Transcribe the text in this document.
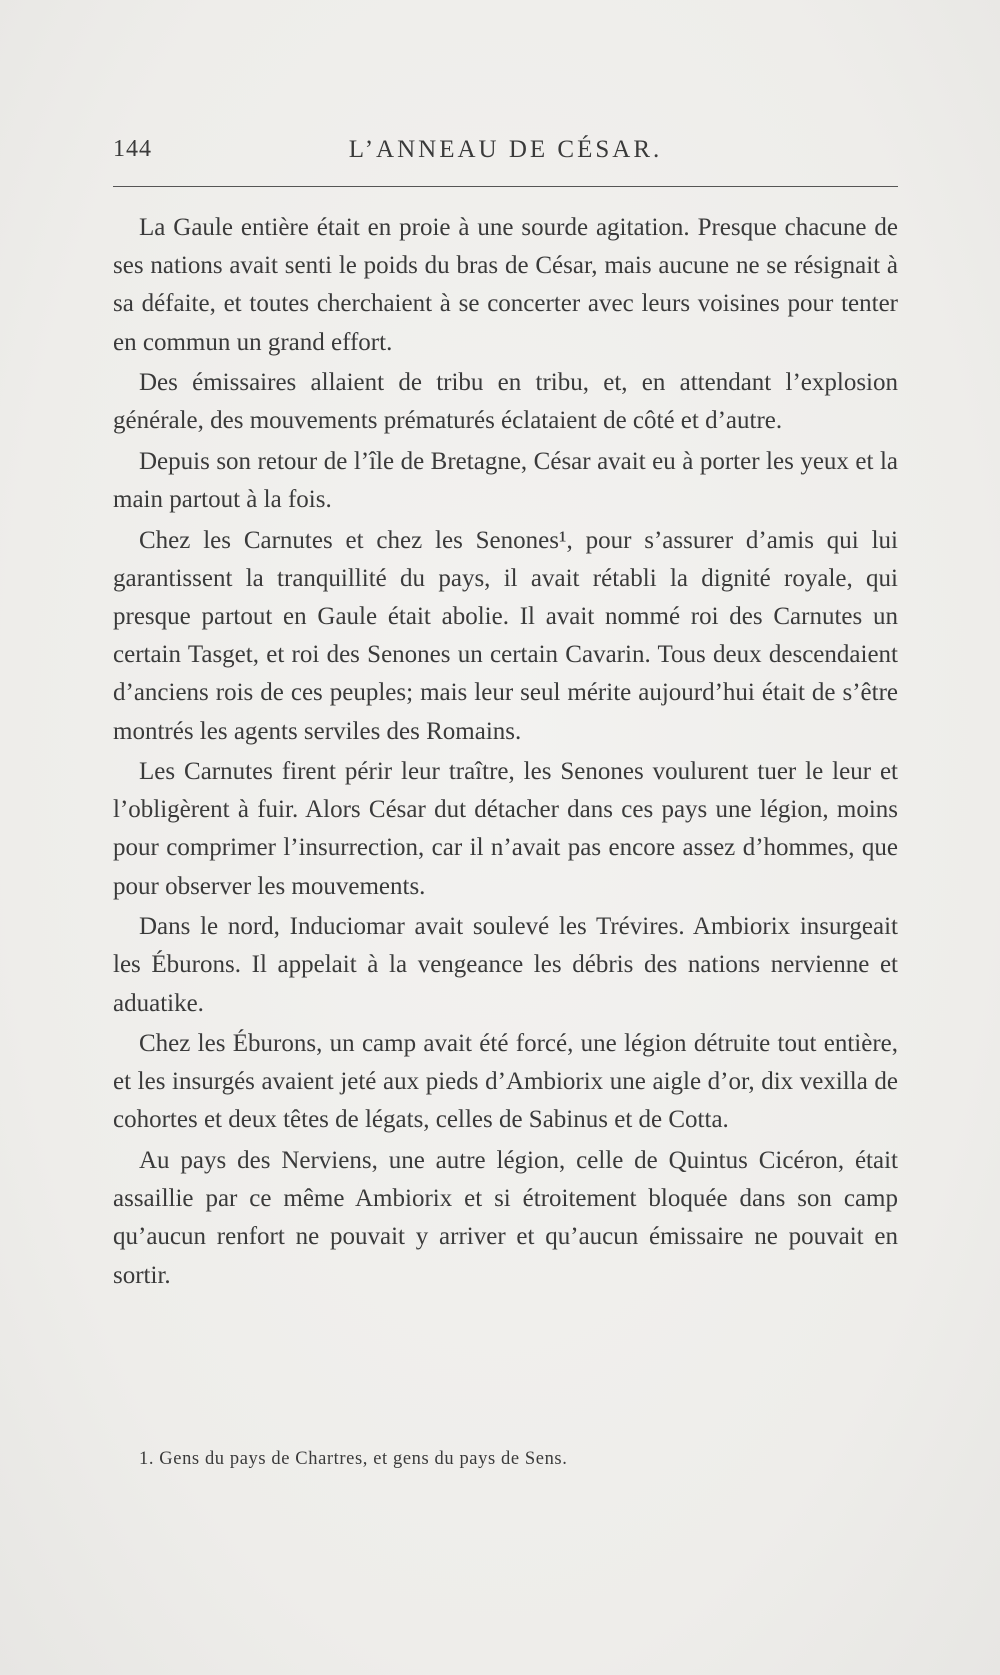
144	L’ANNEAU DE CÉSAR.

La Gaule entière était en proie à une sourde agitation. Presque chacune de ses nations avait senti le poids du bras de César, mais aucune ne se résignait à sa défaite, et toutes cherchaient à se concerter avec leurs voisines pour tenter en commun un grand effort.

Des émissaires allaient de tribu en tribu, et, en attendant l’explosion générale, des mouvements prématurés éclataient de côté et d’autre.

Depuis son retour de l’île de Bretagne, César avait eu à porter les yeux et la main partout à la fois.

Chez les Carnutes et chez les Senones¹, pour s’assurer d’amis qui lui garantissent la tranquillité du pays, il avait rétabli la dignité royale, qui presque partout en Gaule était abolie. Il avait nommé roi des Carnutes un certain Tasget, et roi des Senones un certain Cavarin. Tous deux descendaient d’anciens rois de ces peuples; mais leur seul mérite aujourd’hui était de s’être montrés les agents serviles des Romains.

Les Carnutes firent périr leur traître, les Senones voulurent tuer le leur et l’obligèrent à fuir. Alors César dut détacher dans ces pays une légion, moins pour comprimer l’insurrection, car il n’avait pas encore assez d’hommes, que pour observer les mouvements.

Dans le nord, Induciomar avait soulevé les Trévires. Ambiorix insurgeait les Éburons. Il appelait à la vengeance les débris des nations nervienne et aduatike.

Chez les Éburons, un camp avait été forcé, une légion détruite tout entière, et les insurgés avaient jeté aux pieds d’Ambiorix une aigle d’or, dix vexilla de cohortes et deux têtes de légats, celles de Sabinus et de Cotta.

Au pays des Nerviens, une autre légion, celle de Quintus Cicéron, était assaillie par ce même Ambiorix et si étroitement bloquée dans son camp qu’aucun renfort ne pouvait y arriver et qu’aucun émissaire ne pouvait en sortir.

1. Gens du pays de Chartres, et gens du pays de Sens.
